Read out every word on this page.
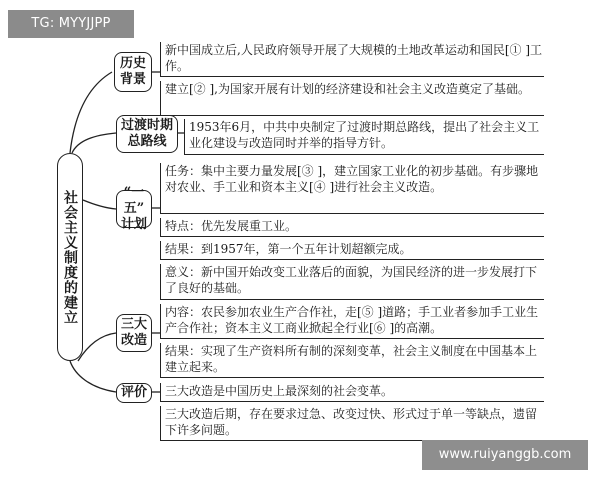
TG: MYYJJPP
社会主义制度的建立
历史
背景
过渡时期
总路线
“一五”
计划
三大
改造
评价
新中国成立后,人民政府领导开展了大规模的土地改革运动和国民[① ]工作。
建立[② ],为国家开展有计划的经济建设和社会主义改造奠定了基础。
1953年6月，中共中央制定了过渡时期总路线，提出了社会主义工业化建设与改造同时并举的指导方针。
任务：集中主要力量发展[③ ]，建立国家工业化的初步基础。有步骤地对农业、手工业和资本主义[④ ]进行社会主义改造。
特点：优先发展重工业。
结果：到1957年，第一个五年计划超额完成。
意义：新中国开始改变工业落后的面貌，为国民经济的进一步发展打下了良好的基础。
内容：农民参加农业生产合作社，走[⑤ ]道路；手工业者参加手工业生产合作社；资本主义工商业掀起全行业[⑥ ]的高潮。
结果：实现了生产资料所有制的深刻变革，社会主义制度在中国基本上建立起来。
三大改造是中国历史上最深刻的社会变革。
三大改造后期，存在要求过急、改变过快、形式过于单一等缺点，遗留下许多问题。
www.ruiyanggb.com
